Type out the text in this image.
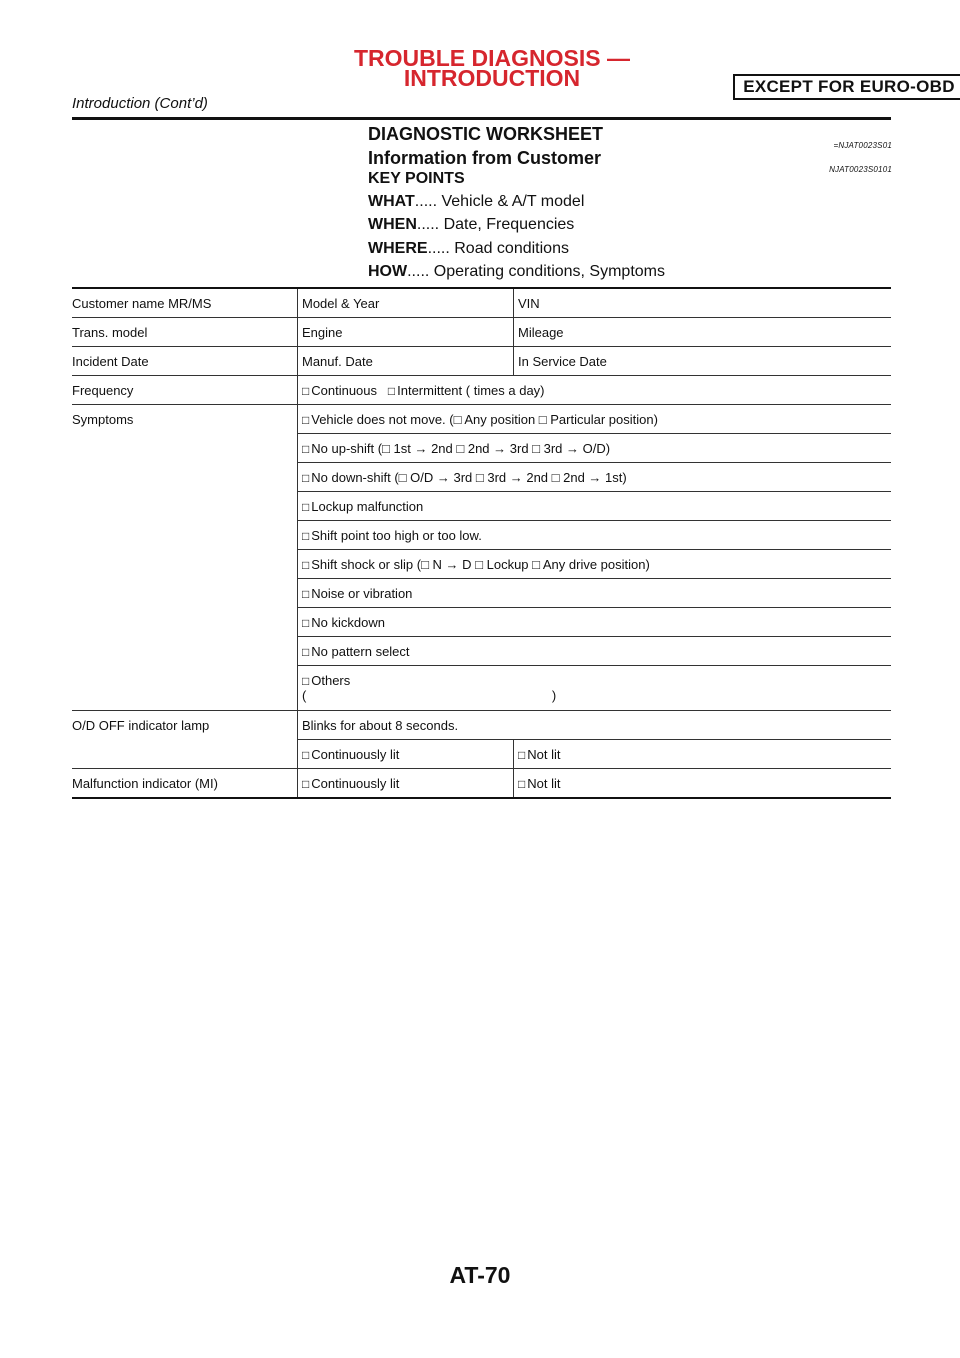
TROUBLE DIAGNOSIS —
INTRODUCTION	EXCEPT FOR EURO-OBD
Introduction (Cont’d)
DIAGNOSTIC WORKSHEET
=NJAT0023S01
Information from Customer
NJAT0023S0101
KEY POINTS
WHAT..... Vehicle & A/T model
WHEN..... Date, Frequencies
WHERE..... Road conditions
HOW..... Operating conditions, Symptoms
Customer name MR/MS	Model & Year	VIN
Trans. model	Engine	Mileage
Incident Date	Manuf. Date	In Service Date
Frequency	□ Continuous □ Intermittent ( times a day)	
Symptoms	□ Vehicle does not move. (□ Any position □ Particular position)	
	□ No up-shift (□ 1st → 2nd □ 2nd → 3rd □ 3rd → O/D)	
	□ No down-shift (□ O/D → 3rd □ 3rd → 2nd □ 2nd → 1st)	
	□ Lockup malfunction	
	□ Shift point too high or too low.	
	□ Shift shock or slip (□ N → D □ Lockup □ Any drive position)	
	□ Noise or vibration	
	□ No kickdown	
	□ No pattern select	

	□ Others
(                                                                    )	

O/D OFF indicator lamp	Blinks for about 8 seconds.	
	□ Continuously lit	□ Not lit
Malfunction indicator (MI)	□ Continuously lit	□ Not lit
AT-70
